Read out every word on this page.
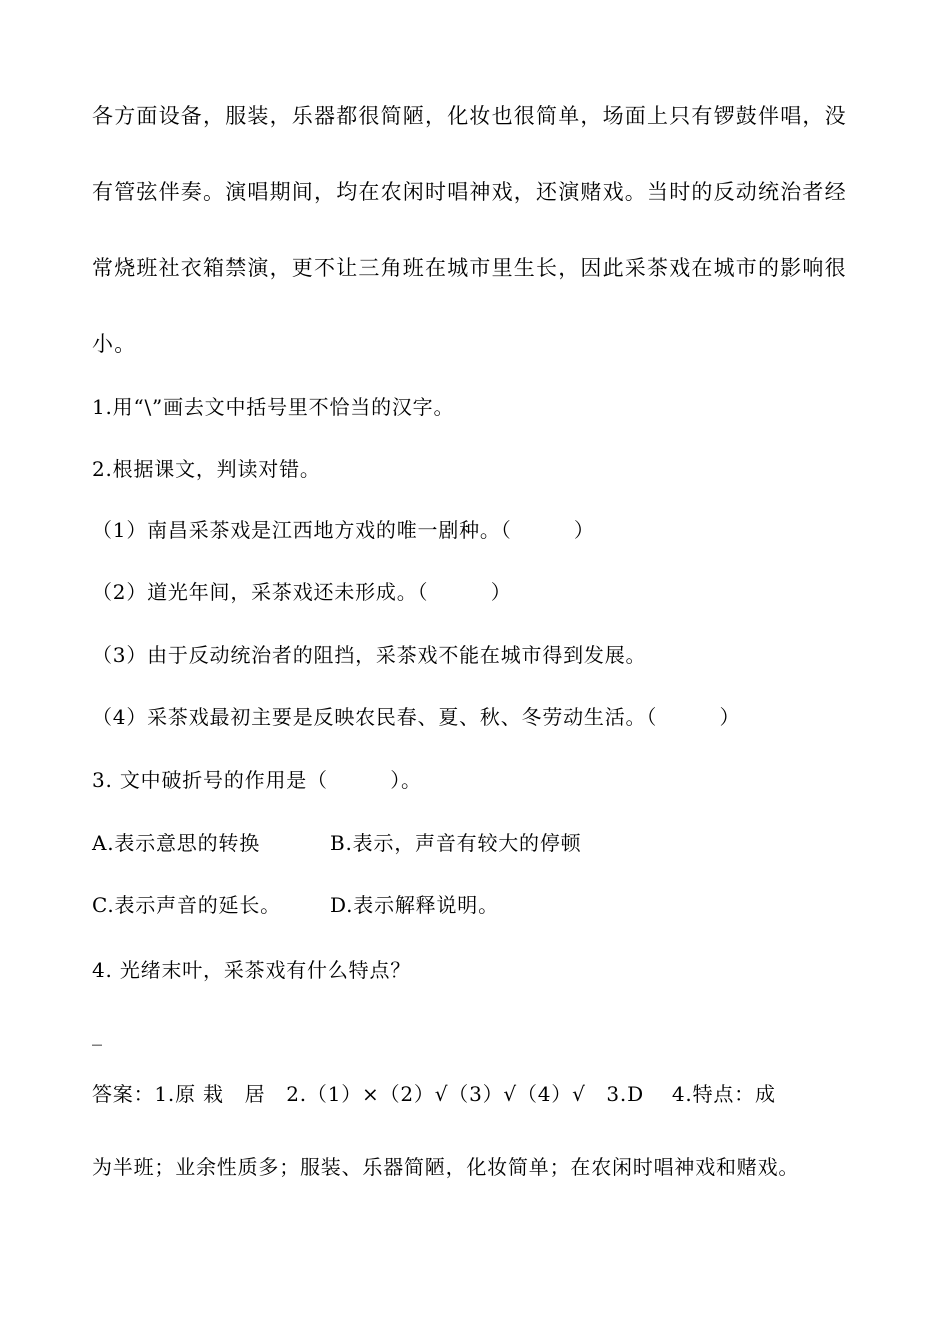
各方面设备，服装，乐器都很简陋，化妆也很简单，场面上只有锣鼓伴唱，没
有管弦伴奏。演唱期间，均在农闲时唱神戏，还演赌戏。当时的反动统治者经
常烧班社衣箱禁演，更不让三角班在城市里生长，因此采茶戏在城市的影响很
小。
1.用“\”画去文中括号里不恰当的汉字。
2.根据课文，判读对错。
（1）南昌采茶戏是江西地方戏的唯一剧种。（　　　）
（2）道光年间，采茶戏还未形成。（　　　）
（3）由于反动统治者的阻挡，采茶戏不能在城市得到发展。
（4）采茶戏最初主要是反映农民春、夏、秋、冬劳动生活。（　　　）
3. 文中破折号的作用是（　　　）。
A.表示意思的转换	B.表示，声音有较大的停顿
C.表示声音的延长。 D.表示解释说明。
4. 光绪末叶，采茶戏有什么特点？
_
答案：1.原 栽　居　2.（1）×（2）√（3）√（4）√　3.D　 4.特点：成
为半班；业余性质多；服装、乐器简陋，化妆简单；在农闲时唱神戏和赌戏。
